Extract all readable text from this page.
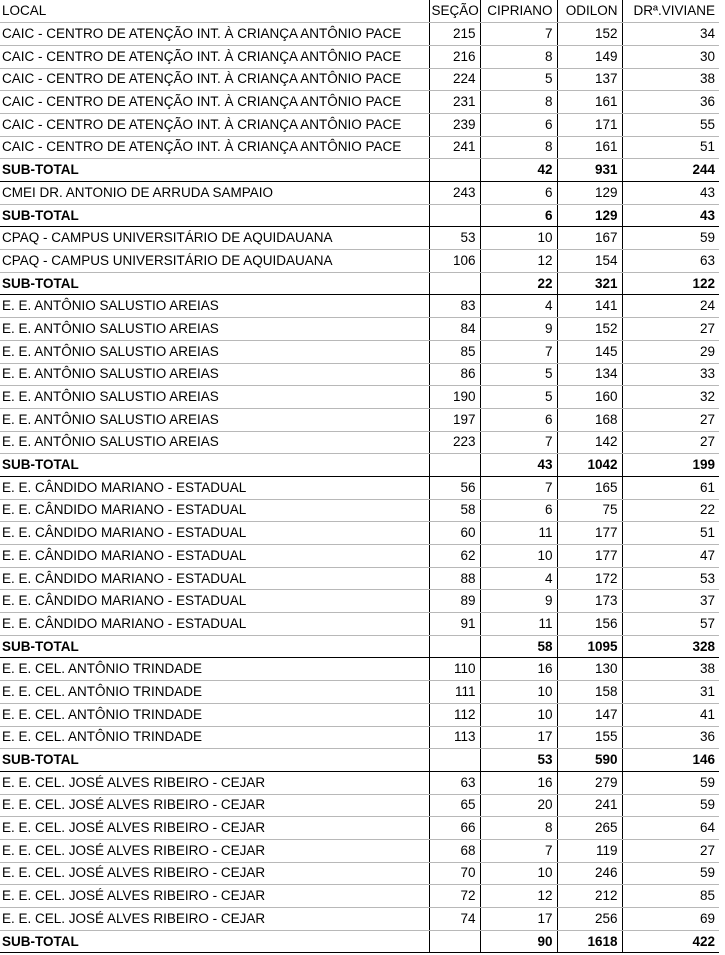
LOCAL	SEÇÃO	CIPRIANO	ODILON	DRª.VIVIANE
CAIC - CENTRO DE ATENÇÃO INT. À CRIANÇA ANTÔNIO PACE	215	7	152	34
CAIC - CENTRO DE ATENÇÃO INT. À CRIANÇA ANTÔNIO PACE	216	8	149	30
CAIC - CENTRO DE ATENÇÃO INT. À CRIANÇA ANTÔNIO PACE	224	5	137	38
CAIC - CENTRO DE ATENÇÃO INT. À CRIANÇA ANTÔNIO PACE	231	8	161	36
CAIC - CENTRO DE ATENÇÃO INT. À CRIANÇA ANTÔNIO PACE	239	6	171	55
CAIC - CENTRO DE ATENÇÃO INT. À CRIANÇA ANTÔNIO PACE	241	8	161	51
SUB-TOTAL		42	931	244
CMEI DR. ANTONIO DE ARRUDA SAMPAIO	243	6	129	43
SUB-TOTAL		6	129	43
CPAQ - CAMPUS UNIVERSITÁRIO DE AQUIDAUANA	53	10	167	59
CPAQ - CAMPUS UNIVERSITÁRIO DE AQUIDAUANA	106	12	154	63
SUB-TOTAL		22	321	122
E. E. ANTÔNIO SALUSTIO AREIAS	83	4	141	24
E. E. ANTÔNIO SALUSTIO AREIAS	84	9	152	27
E. E. ANTÔNIO SALUSTIO AREIAS	85	7	145	29
E. E. ANTÔNIO SALUSTIO AREIAS	86	5	134	33
E. E. ANTÔNIO SALUSTIO AREIAS	190	5	160	32
E. E. ANTÔNIO SALUSTIO AREIAS	197	6	168	27
E. E. ANTÔNIO SALUSTIO AREIAS	223	7	142	27
SUB-TOTAL		43	1042	199
E. E. CÂNDIDO MARIANO - ESTADUAL	56	7	165	61
E. E. CÂNDIDO MARIANO - ESTADUAL	58	6	75	22
E. E. CÂNDIDO MARIANO - ESTADUAL	60	11	177	51
E. E. CÂNDIDO MARIANO - ESTADUAL	62	10	177	47
E. E. CÂNDIDO MARIANO - ESTADUAL	88	4	172	53
E. E. CÂNDIDO MARIANO - ESTADUAL	89	9	173	37
E. E. CÂNDIDO MARIANO - ESTADUAL	91	11	156	57
SUB-TOTAL		58	1095	328
E. E. CEL. ANTÔNIO TRINDADE	110	16	130	38
E. E. CEL. ANTÔNIO TRINDADE	111	10	158	31
E. E. CEL. ANTÔNIO TRINDADE	112	10	147	41
E. E. CEL. ANTÔNIO TRINDADE	113	17	155	36
SUB-TOTAL		53	590	146
E. E. CEL. JOSÉ ALVES RIBEIRO - CEJAR	63	16	279	59
E. E. CEL. JOSÉ ALVES RIBEIRO - CEJAR	65	20	241	59
E. E. CEL. JOSÉ ALVES RIBEIRO - CEJAR	66	8	265	64
E. E. CEL. JOSÉ ALVES RIBEIRO - CEJAR	68	7	119	27
E. E. CEL. JOSÉ ALVES RIBEIRO - CEJAR	70	10	246	59
E. E. CEL. JOSÉ ALVES RIBEIRO - CEJAR	72	12	212	85
E. E. CEL. JOSÉ ALVES RIBEIRO - CEJAR	74	17	256	69
SUB-TOTAL		90	1618	422
